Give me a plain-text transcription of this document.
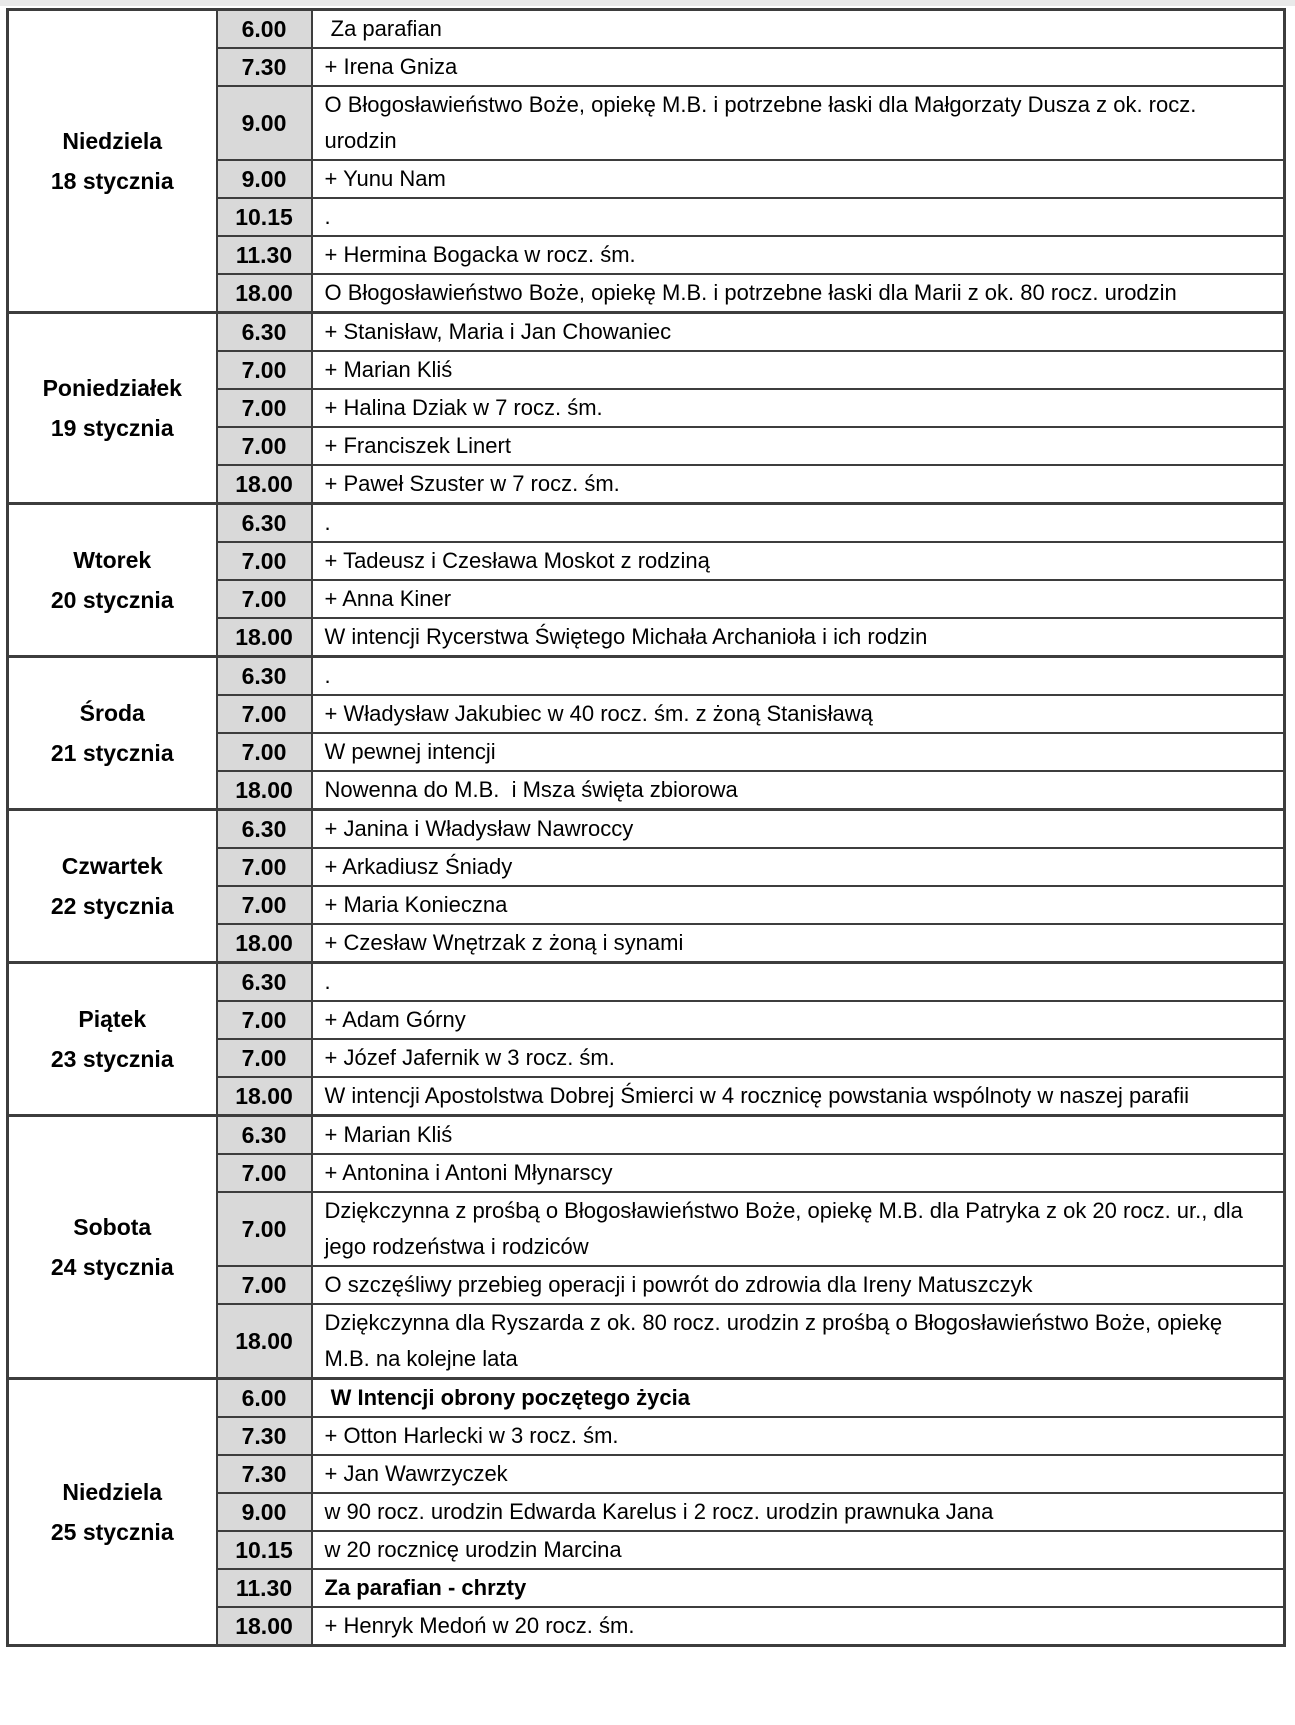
Niedziela
18 stycznia	6.00	Za parafian
	7.30	+ Irena Gniza
	9.00	O Błogosławieństwo Boże, opiekę M.B. i potrzebne łaski dla Małgorzaty Dusza z ok. rocz. urodzin
	9.00	+ Yunu Nam
	10.15	.
	11.30	+ Hermina Bogacka w rocz. śm.
	18.00	O Błogosławieństwo Boże, opiekę M.B. i potrzebne łaski dla Marii z ok. 80 rocz. urodzin

Poniedziałek
19 stycznia	6.30	+ Stanisław, Maria i Jan Chowaniec
	7.00	+ Marian Kliś
	7.00	+ Halina Dziak w 7 rocz. śm.
	7.00	+ Franciszek Linert
	18.00	+ Paweł Szuster w 7 rocz. śm.

Wtorek
20 stycznia	6.30	.
	7.00	+ Tadeusz i Czesława Moskot z rodziną
	7.00	+ Anna Kiner
	18.00	W intencji Rycerstwa Świętego Michała Archanioła i ich rodzin

Środa
21 stycznia	6.30	.
	7.00	+ Władysław Jakubiec w 40 rocz. śm. z żoną Stanisławą
	7.00	W pewnej intencji
	18.00	Nowenna do M.B.  i Msza święta zbiorowa

Czwartek
22 stycznia	6.30	+ Janina i Władysław Nawroccy
	7.00	+ Arkadiusz Śniady
	7.00	+ Maria Konieczna
	18.00	+ Czesław Wnętrzak z żoną i synami

Piątek
23 stycznia	6.30	.
	7.00	+ Adam Górny
	7.00	+ Józef Jafernik w 3 rocz. śm.
	18.00	W intencji Apostolstwa Dobrej Śmierci w 4 rocznicę powstania wspólnoty w naszej parafii

Sobota
24 stycznia	6.30	+ Marian Kliś
	7.00	+ Antonina i Antoni Młynarscy
	7.00	Dziękczynna z prośbą o Błogosławieństwo Boże, opiekę M.B. dla Patryka z ok 20 rocz. ur., dla jego rodzeństwa i rodziców
	7.00	O szczęśliwy przebieg operacji i powrót do zdrowia dla Ireny Matuszczyk
	18.00	Dziękczynna dla Ryszarda z ok. 80 rocz. urodzin z prośbą o Błogosławieństwo Boże, opiekę M.B. na kolejne lata

Niedziela
25 stycznia	6.00	W Intencji obrony poczętego życia
	7.30	+ Otton Harlecki w 3 rocz. śm.
	7.30	+ Jan Wawrzyczek
	9.00	w 90 rocz. urodzin Edwarda Karelus i 2 rocz. urodzin prawnuka Jana
	10.15	w 20 rocznicę urodzin Marcina
	11.30	Za parafian - chrzty
	18.00	+ Henryk Medoń w 20 rocz. śm.
